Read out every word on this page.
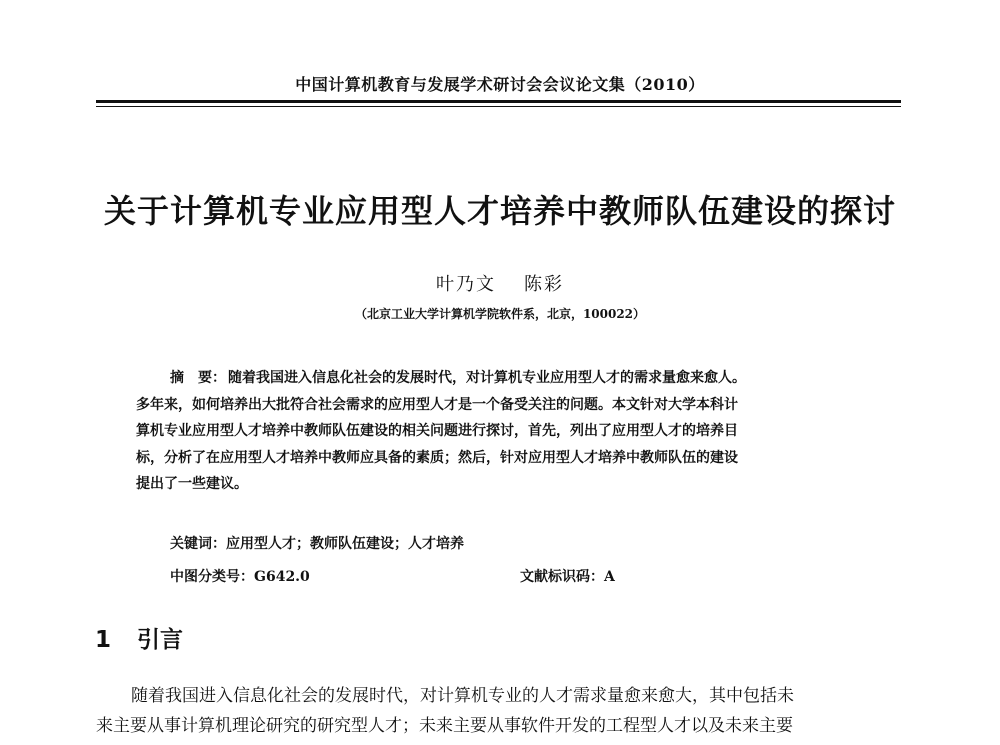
中国计算机教育与发展学术研讨会会议论文集（2010）
关于计算机专业应用型人才培养中教师队伍建设的探讨
叶乃文 陈彩
（北京工业大学计算机学院软件系，北京，100022）
摘　要： 随着我国进入信息化社会的发展时代，对计算机专业应用型人才的需求量愈来愈人。
多年来，如何培养出大批符合社会需求的应用型人才是一个备受关注的问题。本文针对大学本科计
算机专业应用型人才培养中教师队伍建设的相关问题进行探讨，首先，列出了应用型人才的培养目
标，分析了在应用型人才培养中教师应具备的素质；然后，针对应用型人才培养中教师队伍的建设
提出了一些建议。
关键词：应用型人才；教师队伍建设；人才培养
中图分类号：G642.0	文献标识码：A
1 引言
随着我国进入信息化社会的发展时代，对计算机专业的人才需求量愈来愈大，其中包括未
来主要从事计算机理论研究的研究型人才；未来主要从事软件开发的工程型人才以及未来主要
